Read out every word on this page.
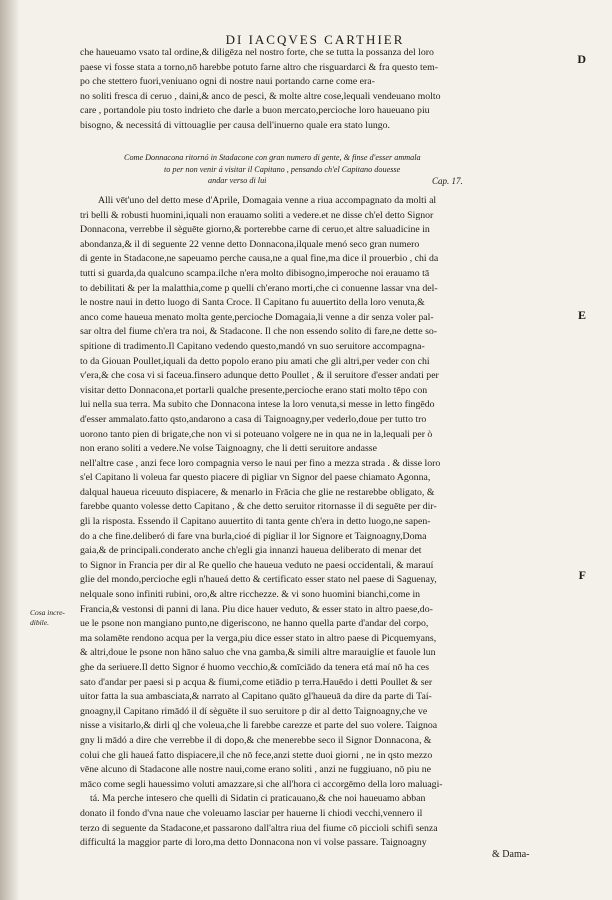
DI IACQVES CARTHIER
D
che haueuamo vsato tal ordine,& diligēza nel nostro forte, che se tutta la possanza del loro
paese vi fosse stata a torno,nō harebbe potuto farne altro che risguardarci & fra questo tem-
po che stettero fuori,veniuano ogni di nostre naui portando carne come era-
no soliti fresca di ceruo , daini,& anco de pesci, & molte altre cose,lequali vendeuano molto
care , portandole piu tosto indrieto che darle a buon mercato,percioche loro haueuano piu
bisogno, & necessitá di vittouaglie per causa dell'inuerno quale era stato lungo.
Come Donnacona ritornó in Stadacone con gran numero di gente, & finse d'esser ammala
to per non venir á visitar il Capitano , pensando ch'el Capitano douesse
andar verso di lui	Cap. 17.
Alli vēt'uno del detto mese d'Aprile, Domagaia venne a riua accompagnato da molti al
tri belli & robusti huomini,iquali non erauamo soliti a vedere.et ne disse ch'el detto Signor
Donnacona, verrebbe il sèguēte giorno,& porterebbe carne di ceruo,et altre saluadicine in
abondanza,& il di seguente 22 venne detto Donnacona,ilquale menó seco gran numero
di gente in Stadacone,ne sapeuamo perche causa,ne a qual fine,ma dice il prouerbio , chi da
tutti si guarda,da qualcuno scampa.ilche n'era molto dibisogno,imperoche noi erauamo tā
to debilitati & per la malatthia,come p quelli ch'erano morti,che ci conuenne lassar vna del-
le nostre naui in detto luogo di Santa Croce. Il Capitano fu auuertito della loro venuta,&
anco come haueua menato molta gente,percioche Domagaia,li venne a dir senza voler pal-
sar oltra del fiume ch'era tra noi, & Stadacone. Il che non essendo solito di fare,ne dette so-
spitione di tradimento.Il Capitano vedendo questo,mandó vn suo seruitore accompagna-
to da Giouan Poullet,iquali da detto popolo erano piu amati che gli altri,per veder con chi
v'era,& che cosa vi si faceua.finsero adunque detto Poullet , & il seruitore d'esser andati per
visitar detto Donnacona,et portarli qualche presente,percioche erano stati molto tēpo con
lui nella sua terra. Ma subito che Donnacona intese la loro venuta,si messe in letto fingēdo
d'esser ammalato.fatto qsto,andarono a casa di Taignoagny,per vederlo,doue per tutto tro
uorono tanto pien di brigate,che non vi si poteuano volgere ne in qua ne in la,lequali per ò
non erano soliti a vedere.Ne volse Taignoagny, che li detti seruitore andasse
nell'altre case , anzi fece loro compagnia verso le naui per fino a mezza strada . & disse loro
s'el Capitano li voleua far questo piacere di pigliar vn Signor del paese chiamato Agonna,
dalqual haueua riceuuto dispiacere, & menarlo in Frācia che glie ne restarebbe obligato, &
farebbe quanto volesse detto Capitano , & che detto seruitor ritornasse il di seguēte per dir-
gli la risposta. Essendo il Capitano auuertito di tanta gente ch'era in detto luogo,ne sapen-
do a che fine.deliberó di fare vna burla,cioé di pigliar il lor Signore et Taignoagny,Doma
gaia,& de principali.conderato anche ch'egli gia innanzi haueua deliberato di menar det
to Signor in Francia per dir al Re quello che haueua veduto ne paesi occidentali, & marauí
glie del mondo,percioche egli n'haueá detto & certificato esser stato nel paese di Saguenay,
nelquale sono infiniti rubini, oro,& altre ricchezze. & vi sono huomini bianchi,come in
Francia,& vestonsi di panni di lana. Piu dice hauer veduto, & esser stato in altro paese,do-
ue le psone non mangiano punto,ne digeriscono, ne hanno quella parte d'andar del corpo,
ma solamēte rendono acqua per la verga,piu dice esser stato in altro paese di Picquemyans,
& altri,doue le psone non hāno saluo che vna gamba,& simili altre marauiglie et fauole lun
ghe da seriuere.Il detto Signor é huomo vecchio,& comīciādo da tenera etá maí nō ha ces
sato d'andar per paesi si p acqua & fiumi,come etiādio p terra.Hauēdo i detti Poullet & ser
uitor fatta la sua ambasciata,& narrato al Capitano quāto gl'haueuā da dire da parte di Taí-
gnoagny,il Capitano rimādó il dí sèguēte il suo seruitore p dir al detto Taignoagny,che ve
nisse a visitarlo,& dirli qļ che voleua,che li farebbe carezze et parte del suo volere. Taignoa
gny li mādó a dire che verrebbe il di dopo,& che menerebbe seco il Signor Donnacona, &
colui che gli haueá fatto dispiacere,il che nō fece,anzi stette duoi giorni , ne in qsto mezzo
vēne alcuno di Stadacone alle nostre naui,come erano soliti , anzi ne fuggiuano, nō piu ne
māco come segli hauessimo voluti amazzare,si che all'hora ci accorgēmo della loro maluagi-
tá. Ma perche intesero che quelli di Sidatin ci praticauano,& che noi haueuamo abban
donato il fondo d'vna naue che voleuamo lasciar per hauerne li chiodi vecchi,vennero il
terzo di seguente da Stadacone,et passarono dall'altra riua del fiume cō piccioli schifi senza
difficultá la maggior parte di loro,ma detto Donnacona non vi volse passare. Taignoagny
E
F
Cosa incre-
dibile.
& Dama-
